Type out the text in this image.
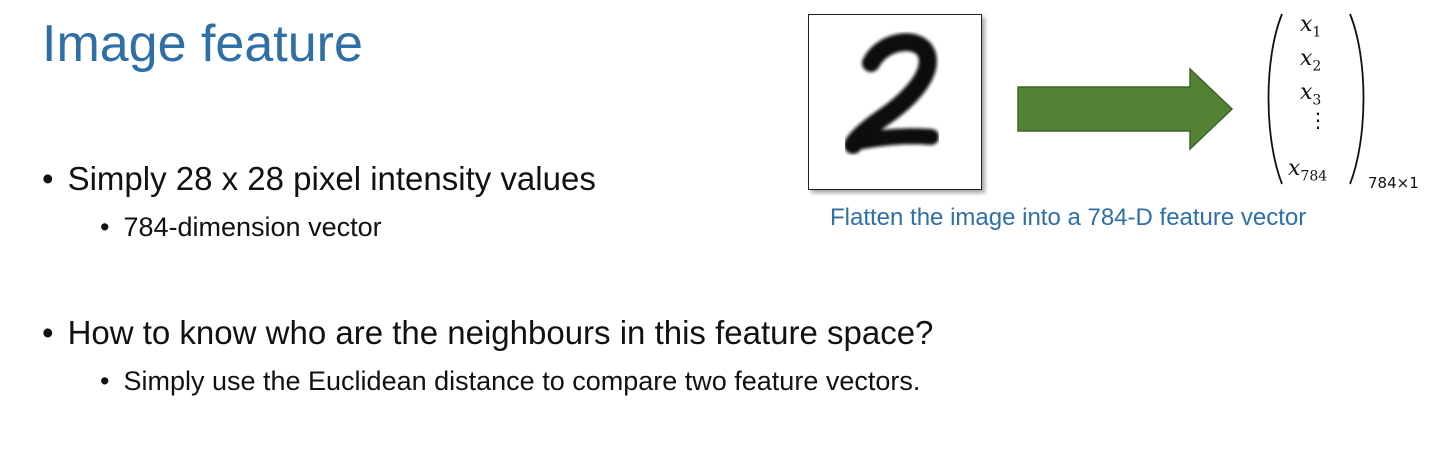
Image feature
• Simply 28 x 28 pixel intensity values
• 784-dimension vector
• How to know who are the neighbours in this feature space?
• Simply use the Euclidean distance to compare two feature vectors.
$x_1$
$x_2$
$x_3$
⋮
$x_{784}$	784×1
Flatten the image into a 784-D feature vector
